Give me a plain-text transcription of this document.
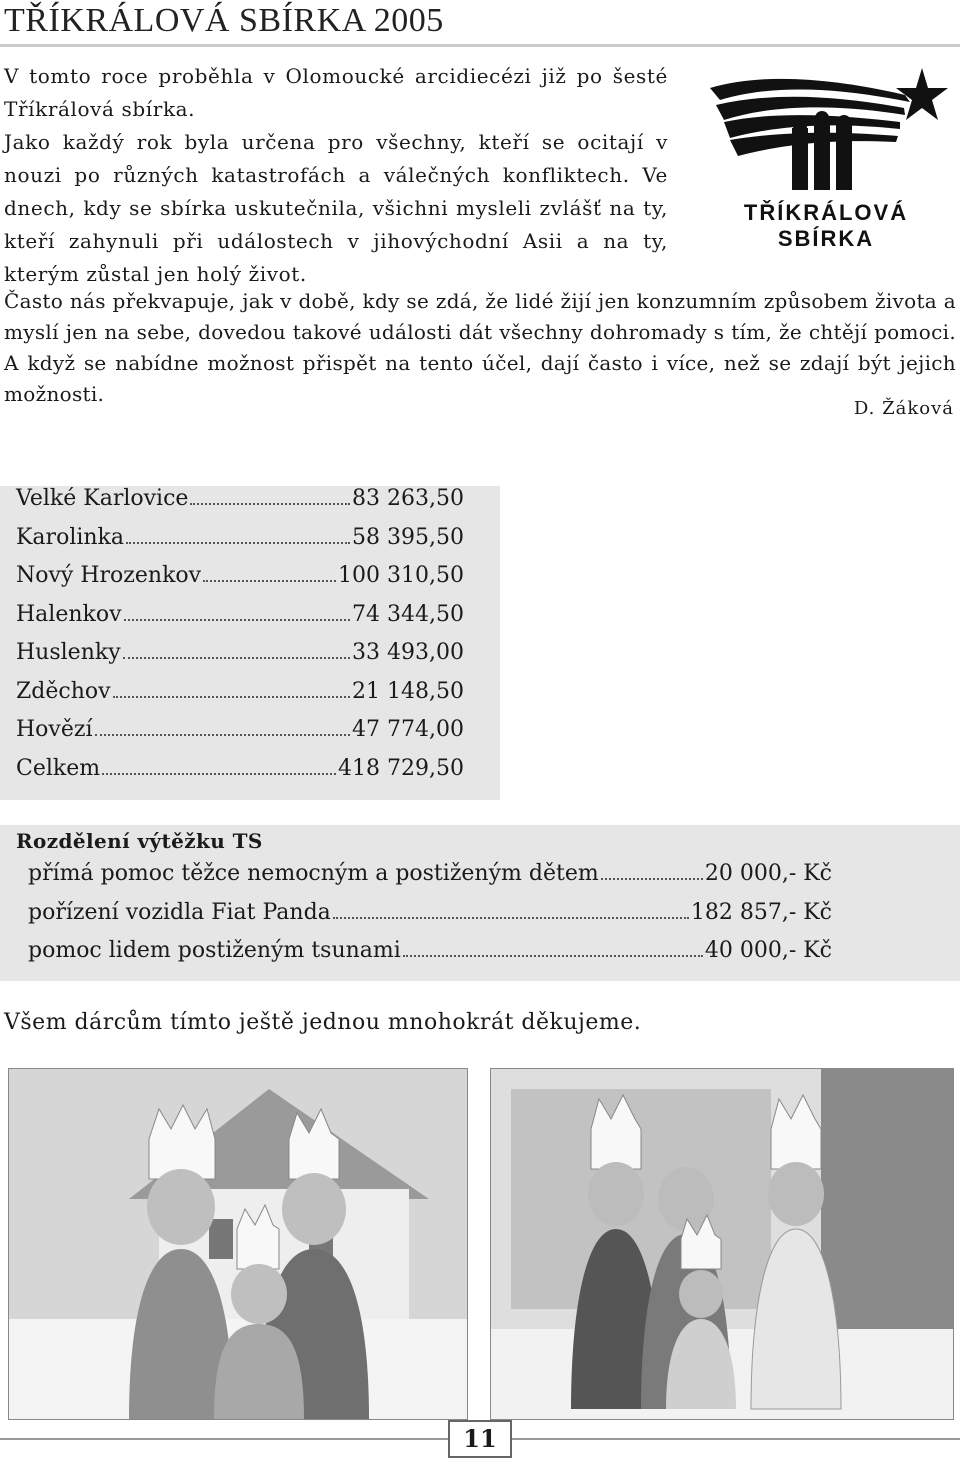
TŘÍKRÁLOVÁ SBÍRKA 2005

V tomto roce proběhla v Olomoucké arcidiecézi již po šesté Tříkrálová sbírka.

Jako každý rok byla určena pro všechny, kteří se ocitají v nouzi po různých katastrofách a válečných konfliktech. Ve dnech, kdy se sbírka uskutečnila, všichni mysleli zvlášť na ty, kteří zahynuli při událostech v jihovýchodní Asii a na ty, kterým zůstal jen holý život.

TŘÍKRÁLOVÁ
SBÍRKA

Často nás překvapuje, jak v době, kdy se zdá, že lidé žijí jen konzumním způsobem života a myslí jen na sebe, dovedou takové události dát všechny dohromady s tím, že chtějí pomoci. A když se nabídne možnost přispět na tento účel, dají často i více, než se zdají být jejich možnosti.

D. Žáková
Velké Karlovice	83 263,50
Karolinka	58 395,50
Nový Hrozenkov	100 310,50
Halenkov	74 344,50
Huslenky	33 493,00
Zděchov	21 148,50
Hovězí	47 774,00
Celkem	418 729,50
Rozdělení výtěžku TS
přímá pomoc těžce nemocným a postiženým dětem	20 000,- Kč
pořízení vozidla Fiat Panda	182 857,- Kč
pomoc lidem postiženým tsunami	40 000,- Kč
Všem dárcům tímto ještě jednou mnohokrát děkujeme.
11
